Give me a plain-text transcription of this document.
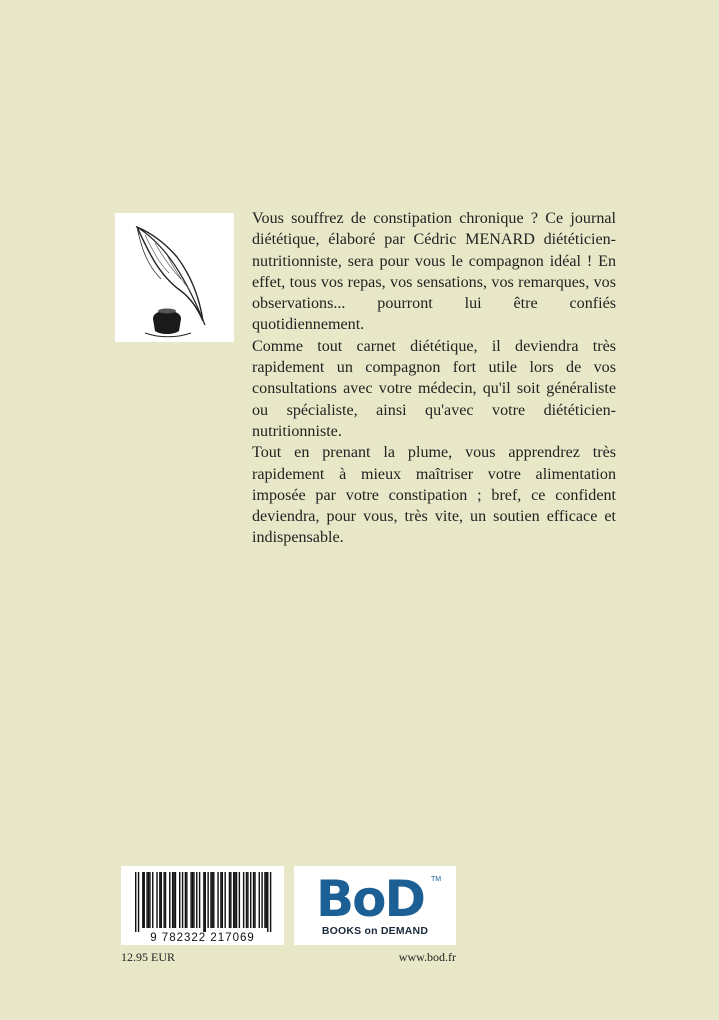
Vous souffrez de constipation chronique ? Ce journal diététique, élaboré par Cédric MENARD diététicien-nutritionniste, sera pour vous le compagnon idéal ! En effet, tous vos repas, vos sensations, vos remarques, vos observations... pourront lui être confiés quotidiennement.

Comme tout carnet diététique, il deviendra très rapidement un compagnon fort utile lors de vos consultations avec votre médecin, qu'il soit généraliste ou spécialiste, ainsi qu'avec votre diététicien-nutritionniste.

Tout en prenant la plume, vous apprendrez très rapidement à mieux maîtriser votre alimentation imposée par votre constipation ; bref, ce confident deviendra, pour vous, très vite, un soutien efficace et indispensable.

9 782322 217069
BoD TM
BOOKS on DEMAND
12.95 EUR	www.bod.fr
